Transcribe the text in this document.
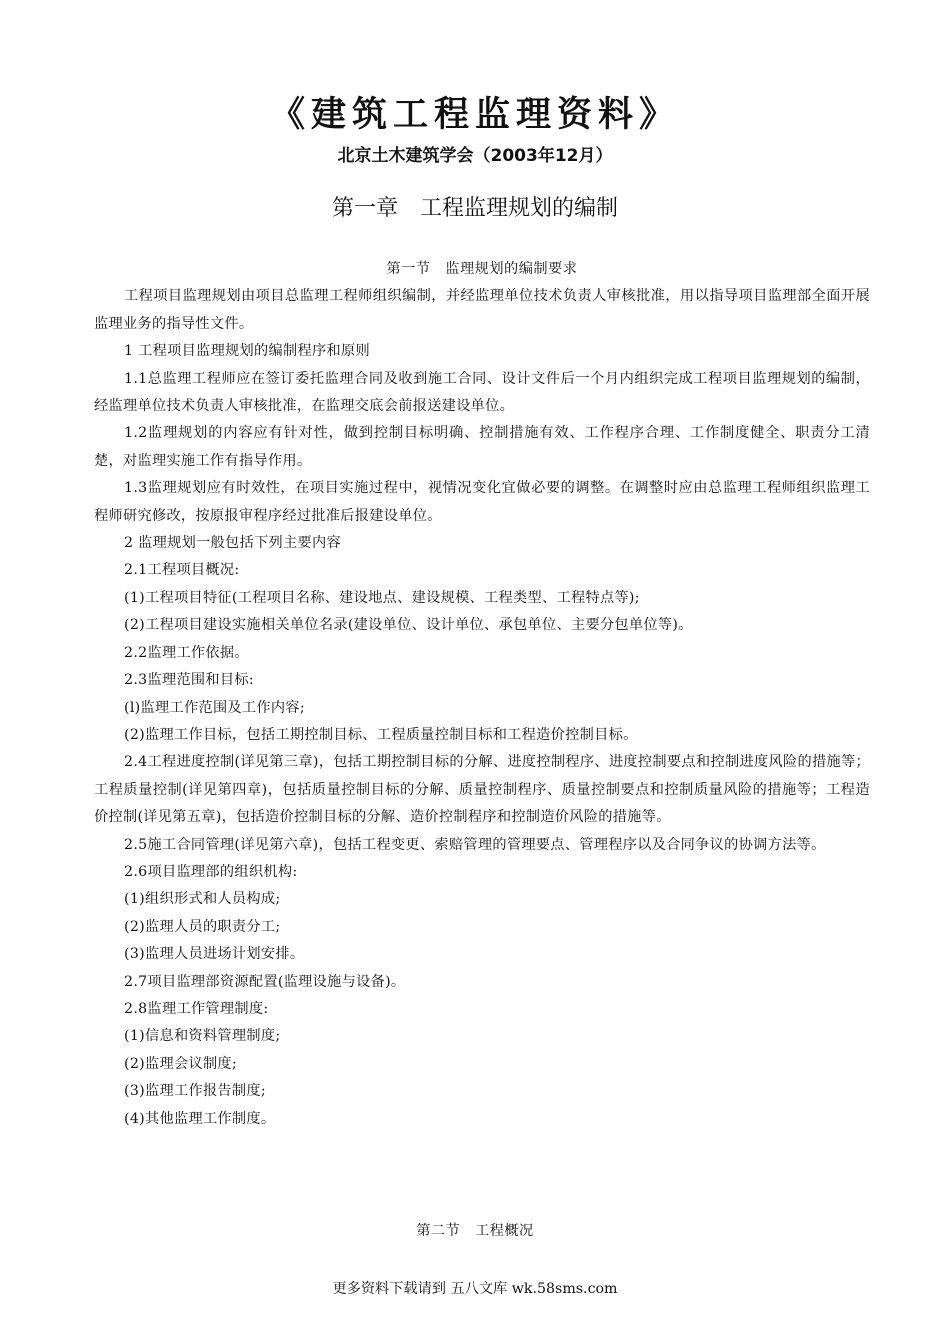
《建筑工程监理资料》
北京土木建筑学会（2003年12月）
第一章　工程监理规划的编制

第一节　监理规划的编制要求

工程项目监理规划由项目总监理工程师组织编制，并经监理单位技术负责人审核批准，用以指导项目监理部全面开展监理业务的指导性文件。

1 工程项目监理规划的编制程序和原则

1.1总监理工程师应在签订委托监理合同及收到施工合同、设计文件后一个月内组织完成工程项目监理规划的编制，经监理单位技术负责人审核批准，在监理交底会前报送建设单位。

1.2监理规划的内容应有针对性，做到控制目标明确、控制措施有效、工作程序合理、工作制度健全、职责分工清楚，对监理实施工作有指导作用。

1.3监理规划应有时效性，在项目实施过程中，视情况变化宜做必要的调整。在调整时应由总监理工程师组织监理工程师研究修改，按原报审程序经过批准后报建设单位。

2 监理规划一般包括下列主要内容

2.1工程项目概况:

(1)工程项目特征(工程项目名称、建设地点、建设规模、工程类型、工程特点等);

(2)工程项目建设实施相关单位名录(建设单位、设计单位、承包单位、主要分包单位等)。

2.2监理工作依据。

2.3监理范围和目标:

(l)监理工作范围及工作内容;

(2)监理工作目标，包括工期控制目标、工程质量控制目标和工程造价控制目标。

2.4工程进度控制(详见第三章)，包括工期控制目标的分解、进度控制程序、进度控制要点和控制进度风险的措施等；工程质量控制(详见第四章)，包括质量控制目标的分解、质量控制程序、质量控制要点和控制质量风险的措施等；工程造价控制(详见第五章)，包括造价控制目标的分解、造价控制程序和控制造价风险的措施等。

2.5施工合同管理(详见第六章)，包括工程变更、索赔管理的管理要点、管理程序以及合同争议的协调方法等。

2.6项目监理部的组织机构:

(1)组织形式和人员构成;

(2)监理人员的职责分工;

(3)监理人员进场计划安排。

2.7项目监理部资源配置(监理设施与设备)。

2.8监理工作管理制度:

(1)信息和资料管理制度;

(2)监理会议制度;

(3)监理工作报告制度;

(4)其他监理工作制度。

第二节　工程概况
更多资料下载请到 五八文库 wk.58sms.com
